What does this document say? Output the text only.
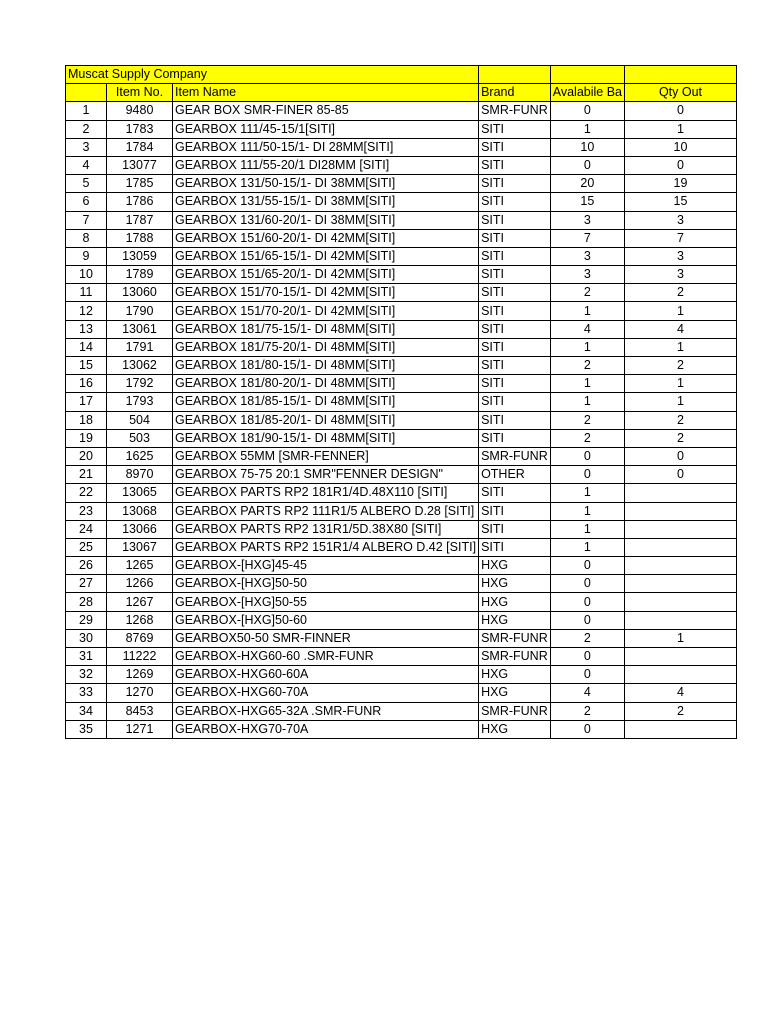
Muscat Supply Company					
	Item No.	Item Name	Brand	Avalabile Ba	Qty Out
1	9480	GEAR BOX SMR-FINER 85-85	SMR-FUNR	0	0
2	1783	GEARBOX 111/45-15/1[SITI]	SITI	1	1
3	1784	GEARBOX 111/50-15/1- DI 28MM[SITI]	SITI	10	10
4	13077	GEARBOX 111/55-20/1 DI28MM [SITI]	SITI	0	0
5	1785	GEARBOX 131/50-15/1- DI 38MM[SITI]	SITI	20	19
6	1786	GEARBOX 131/55-15/1- DI 38MM[SITI]	SITI	15	15
7	1787	GEARBOX 131/60-20/1- DI 38MM[SITI]	SITI	3	3
8	1788	GEARBOX 151/60-20/1- DI 42MM[SITI]	SITI	7	7
9	13059	GEARBOX 151/65-15/1- DI 42MM[SITI]	SITI	3	3
10	1789	GEARBOX 151/65-20/1- DI 42MM[SITI]	SITI	3	3
11	13060	GEARBOX 151/70-15/1- DI 42MM[SITI]	SITI	2	2
12	1790	GEARBOX 151/70-20/1- DI 42MM[SITI]	SITI	1	1
13	13061	GEARBOX 181/75-15/1- DI 48MM[SITI]	SITI	4	4
14	1791	GEARBOX 181/75-20/1- DI 48MM[SITI]	SITI	1	1
15	13062	GEARBOX 181/80-15/1- DI 48MM[SITI]	SITI	2	2
16	1792	GEARBOX 181/80-20/1- DI 48MM[SITI]	SITI	1	1
17	1793	GEARBOX 181/85-15/1- DI 48MM[SITI]	SITI	1	1
18	504	GEARBOX 181/85-20/1- DI 48MM[SITI]	SITI	2	2
19	503	GEARBOX 181/90-15/1- DI 48MM[SITI]	SITI	2	2
20	1625	GEARBOX 55MM [SMR-FENNER]	SMR-FUNR	0	0
21	8970	GEARBOX 75-75 20:1 SMR"FENNER DESIGN"	OTHER	0	0
22	13065	GEARBOX PARTS RP2 181R1/4D.48X110 [SITI]	SITI	1	
23	13068	GEARBOX PARTS RP2 111R1/5 ALBERO D.28 [SITI]	SITI	1	
24	13066	GEARBOX PARTS RP2 131R1/5D.38X80 [SITI]	SITI	1	
25	13067	GEARBOX PARTS RP2 151R1/4 ALBERO D.42 [SITI]	SITI	1	
26	1265	GEARBOX-[HXG]45-45	HXG	0	
27	1266	GEARBOX-[HXG]50-50	HXG	0	
28	1267	GEARBOX-[HXG]50-55	HXG	0	
29	1268	GEARBOX-[HXG]50-60	HXG	0	
30	8769	GEARBOX50-50 SMR-FINNER	SMR-FUNR	2	1
31	11222	GEARBOX-HXG60-60 .SMR-FUNR	SMR-FUNR	0	
32	1269	GEARBOX-HXG60-60A	HXG	0	
33	1270	GEARBOX-HXG60-70A	HXG	4	4
34	8453	GEARBOX-HXG65-32A .SMR-FUNR	SMR-FUNR	2	2
35	1271	GEARBOX-HXG70-70A	HXG	0	
